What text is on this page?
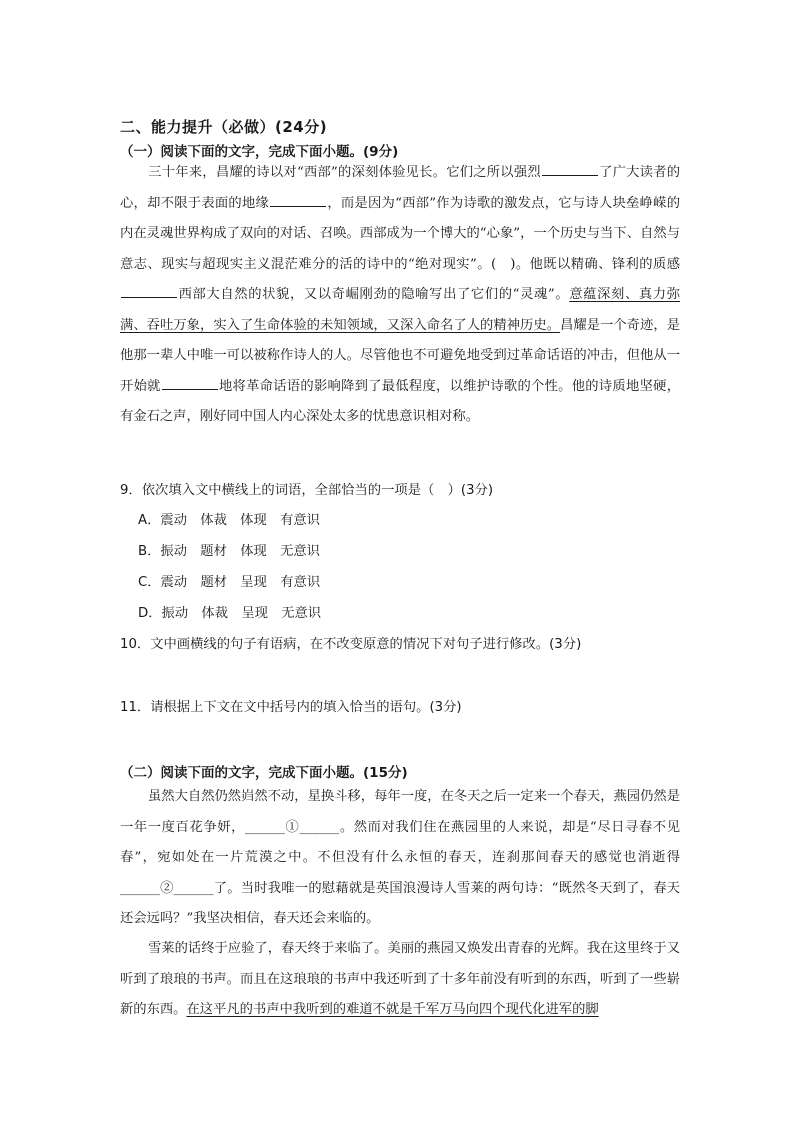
二、能力提升（必做）(24分)
（一）阅读下面的文字，完成下面小题。(9分)
三十年来，昌耀的诗以对“西部”的深刻体验见长。它们之所以强烈	了广大读者的心，却不限于表面的地缘	，而是因为“西部”作为诗歌的激发点，它与诗人块垒峥嵘的内在灵魂世界构成了双向的对话、召唤。西部成为一个博大的“心象”，一个历史与当下、自然与意志、现实与超现实主义混茫难分的活的诗中的“绝对现实”。(　)。他既以精确、锋利的质感西部大自然的状貌，又以奇崛刚劲的隐喻写出了它们的“灵魂”。意蕴深刻、真力弥满、吞吐万象，实入了生命体验的未知领域，又深入命名了人的精神历史。昌耀是一个奇迹，是他那一辈人中唯一可以被称作诗人的人。尽管他也不可避免地受到过革命话语的冲击，但他从一开始就	地将革命话语的影响降到了最低程度，以维护诗歌的个性。他的诗质地坚硬，有金石之声，刚好同中国人内心深处太多的忧患意识相对称。
9．依次填入文中横线上的词语，全部恰当的一项是（　）(3分)
A．震动　体裁　体现　有意识
B．振动　题材　体现　无意识
C．震动　题材　呈现　有意识
D．振动　体裁　呈现　无意识
10．文中画横线的句子有语病，在不改变原意的情况下对句子进行修改。(3分)
11．请根据上下文在文中括号内的填入恰当的语句。(3分)
（二）阅读下面的文字，完成下面小题。(15分)
虽然大自然仍然岿然不动，星换斗移，每年一度，在冬天之后一定来一个春天，燕园仍然是一年一度百花争妍，______①______。然而对我们住在燕园里的人来说，却是“尽日寻春不见春”，宛如处在一片荒漠之中。不但没有什么永恒的春天，连刹那间春天的感觉也消逝得______②______了。当时我唯一的慰藉就是英国浪漫诗人雪莱的两句诗：“既然冬天到了，春天还会远吗？”我坚决相信，春天还会来临的。
雪莱的话终于应验了，春天终于来临了。美丽的燕园又焕发出青春的光辉。我在这里终于又听到了琅琅的书声。而且在这琅琅的书声中我还听到了十多年前没有听到的东西，听到了一些崭新的东西。在这平凡的书声中我听到的难道不就是千军万马向四个现代化进军的脚
